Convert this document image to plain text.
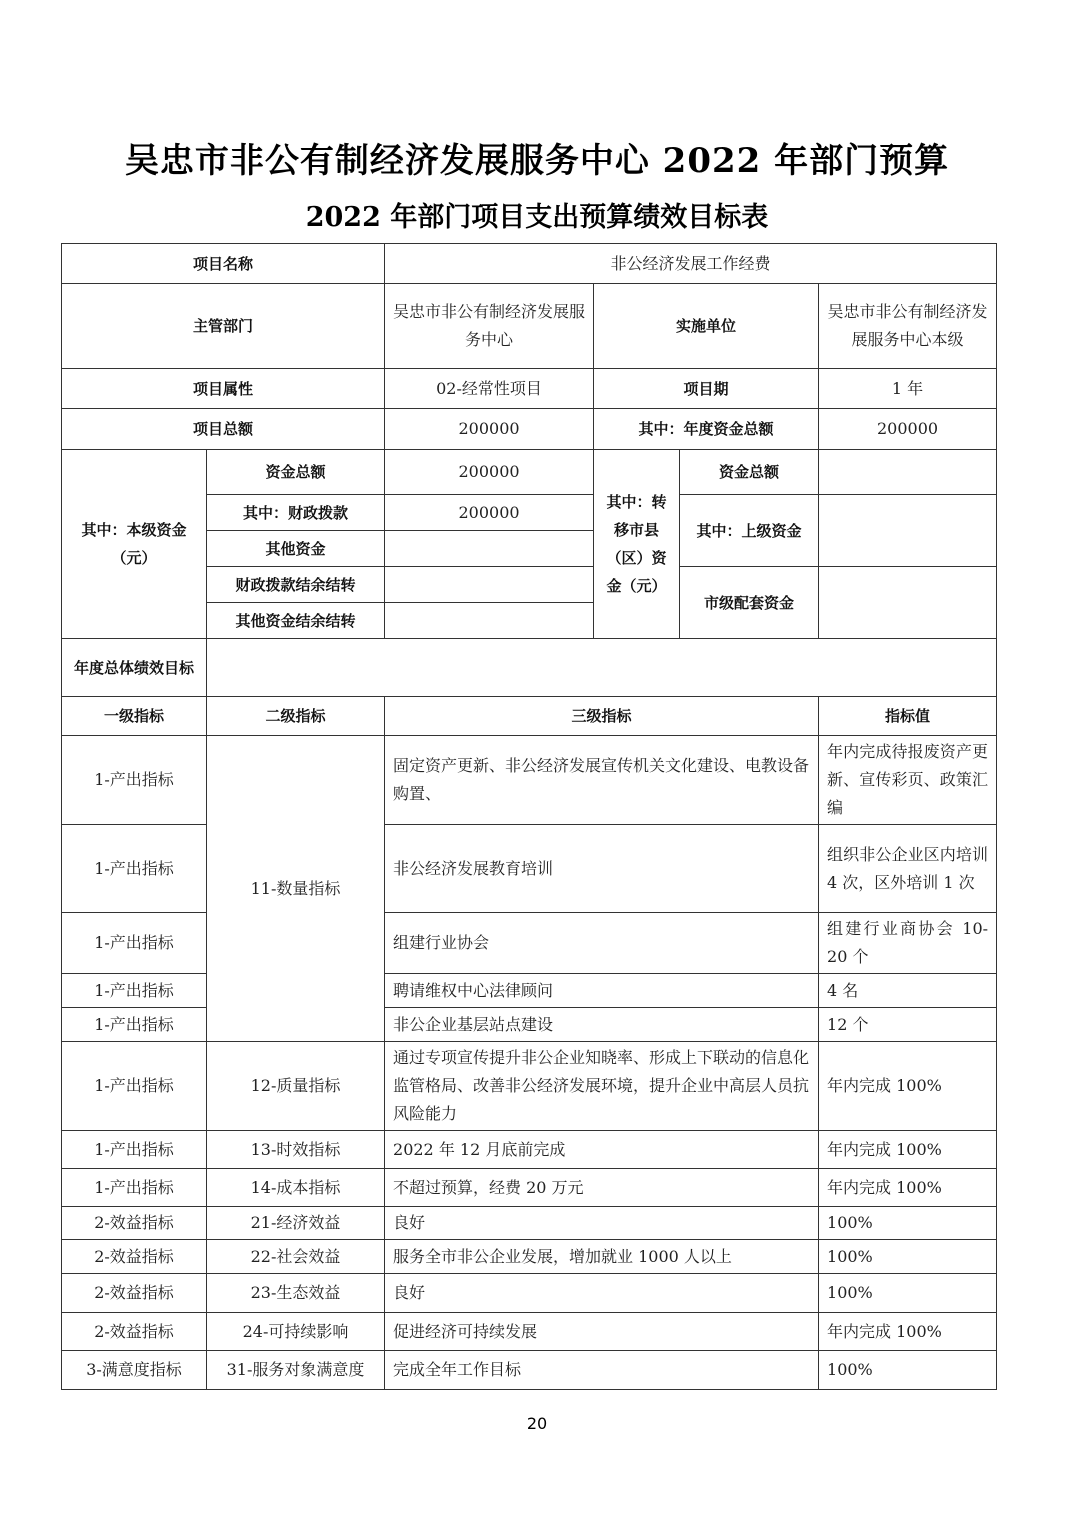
吴忠市非公有制经济发展服务中心 2022 年部门预算
2022 年部门项目支出预算绩效目标表
项目名称		非公经济发展工作经费			
主管部门		吴忠市非公有制经济发展服务中心	实施单位		吴忠市非公有制经济发展服务中心本级
项目属性		02-经常性项目	项目期		1 年
项目总额		200000	其中：年度资金总额		200000
其中：本级资金（元）	资金总额	200000	其中：转移市县（区）资金（元）	资金总额	
	其中：财政拨款	200000		其中：上级资金	
	其他资金				
	财政拨款结余结转			市级配套资金	
	其他资金结余结转				
年度总体绩效目标					
一级指标	二级指标	三级指标			指标值
1-产出指标	11-数量指标	固定资产更新、非公经济发展宣传机关文化建设、电教设备购置、			年内完成待报废资产更新、宣传彩页、政策汇编
1-产出指标		非公经济发展教育培训			组织非公企业区内培训 4 次，区外培训 1 次
1-产出指标		组建行业协会			组建行业商协会 10-20 个
1-产出指标		聘请维权中心法律顾问			4 名
1-产出指标		非公企业基层站点建设			12 个
1-产出指标	12-质量指标	通过专项宣传提升非公企业知晓率、形成上下联动的信息化监管格局、改善非公经济发展环境，提升企业中高层人员抗风险能力			年内完成 100%
1-产出指标	13-时效指标	2022 年 12 月底前完成			年内完成 100%
1-产出指标	14-成本指标	不超过预算，经费 20 万元			年内完成 100%
2-效益指标	21-经济效益	良好			100%
2-效益指标	22-社会效益	服务全市非公企业发展，增加就业 1000 人以上			100%
2-效益指标	23-生态效益	良好			100%
2-效益指标	24-可持续影响	促进经济可持续发展			年内完成 100%
3-满意度指标	31-服务对象满意度	完成全年工作目标			100%
20
